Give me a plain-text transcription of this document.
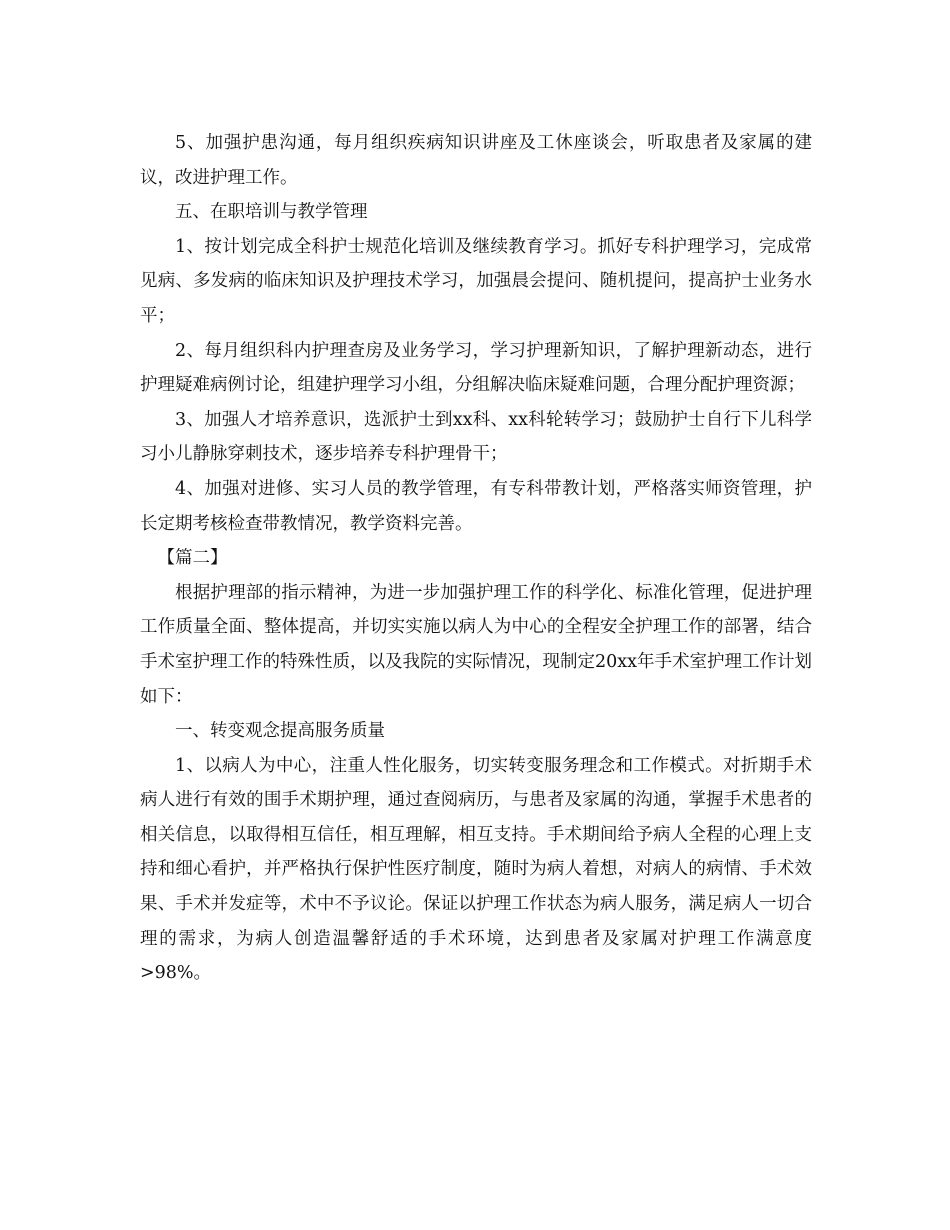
5、加强护患沟通，每月组织疾病知识讲座及工休座谈会，听取患者及家属的建议，改进护理工作。

五、在职培训与教学管理

1、按计划完成全科护士规范化培训及继续教育学习。抓好专科护理学习，完成常见病、多发病的临床知识及护理技术学习，加强晨会提问、随机提问，提高护士业务水平；

2、每月组织科内护理查房及业务学习，学习护理新知识，了解护理新动态，进行护理疑难病例讨论，组建护理学习小组，分组解决临床疑难问题，合理分配护理资源；

3、加强人才培养意识，选派护士到xx科、xx科轮转学习；鼓励护士自行下儿科学习小儿静脉穿刺技术，逐步培养专科护理骨干；

4、加强对进修、实习人员的教学管理，有专科带教计划，严格落实师资管理，护长定期考核检查带教情况，教学资料完善。

【篇二】

根据护理部的指示精神，为进一步加强护理工作的科学化、标准化管理，促进护理工作质量全面、整体提高，并切实实施以病人为中心的全程安全护理工作的部署，结合手术室护理工作的特殊性质，以及我院的实际情况，现制定20xx年手术室护理工作计划如下：

一、转变观念提高服务质量

1、以病人为中心，注重人性化服务，切实转变服务理念和工作模式。对折期手术病人进行有效的围手术期护理，通过查阅病历，与患者及家属的沟通，掌握手术患者的相关信息，以取得相互信任，相互理解，相互支持。手术期间给予病人全程的心理上支持和细心看护，并严格执行保护性医疗制度，随时为病人着想，对病人的病情、手术效果、手术并发症等，术中不予议论。保证以护理工作状态为病人服务，满足病人一切合理的需求，为病人创造温馨舒适的手术环境，达到患者及家属对护理工作满意度>98%。
